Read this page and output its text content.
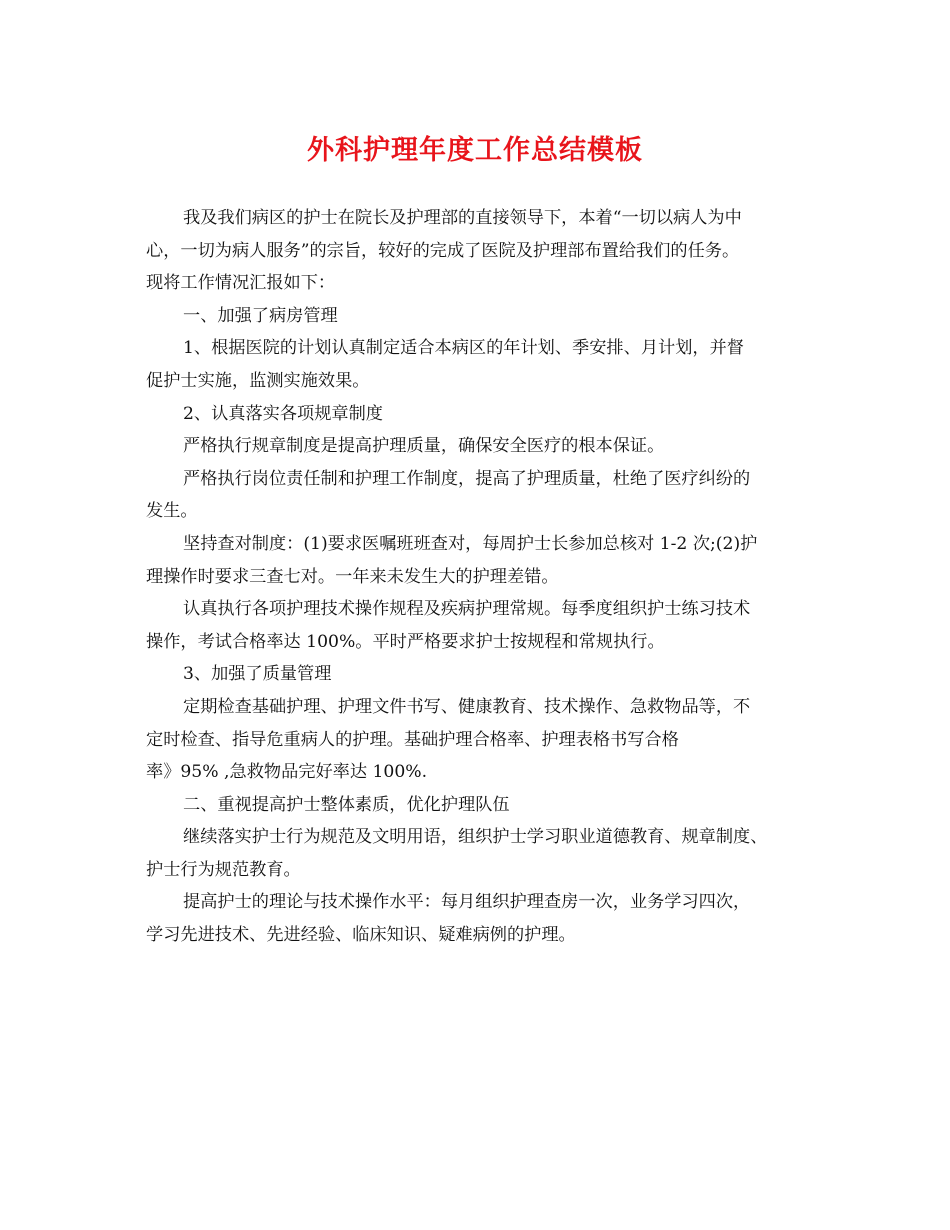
外科护理年度工作总结模板
我及我们病区的护士在院长及护理部的直接领导下，本着“一切以病人为中
心，一切为病人服务”的宗旨，较好的完成了医院及护理部布置给我们的任务。
现将工作情况汇报如下：
一、加强了病房管理
1、根据医院的计划认真制定适合本病区的年计划、季安排、月计划，并督
促护士实施，监测实施效果。
2、认真落实各项规章制度
严格执行规章制度是提高护理质量，确保安全医疗的根本保证。
严格执行岗位责任制和护理工作制度，提高了护理质量，杜绝了医疗纠纷的
发生。
坚持查对制度：(1)要求医嘱班班查对，每周护士长参加总核对 1-2 次;(2)护
理操作时要求三查七对。一年来未发生大的护理差错。
认真执行各项护理技术操作规程及疾病护理常规。每季度组织护士练习技术
操作，考试合格率达 100%。平时严格要求护士按规程和常规执行。
3、加强了质量管理
定期检查基础护理、护理文件书写、健康教育、技术操作、急救物品等，不
定时检查、指导危重病人的护理。基础护理合格率、护理表格书写合格
率》95% ,急救物品完好率达 100%.
二、重视提高护士整体素质，优化护理队伍
继续落实护士行为规范及文明用语，组织护士学习职业道德教育、规章制度、
护士行为规范教育。
提高护士的理论与技术操作水平：每月组织护理查房一次，业务学习四次，
学习先进技术、先进经验、临床知识、疑难病例的护理。
